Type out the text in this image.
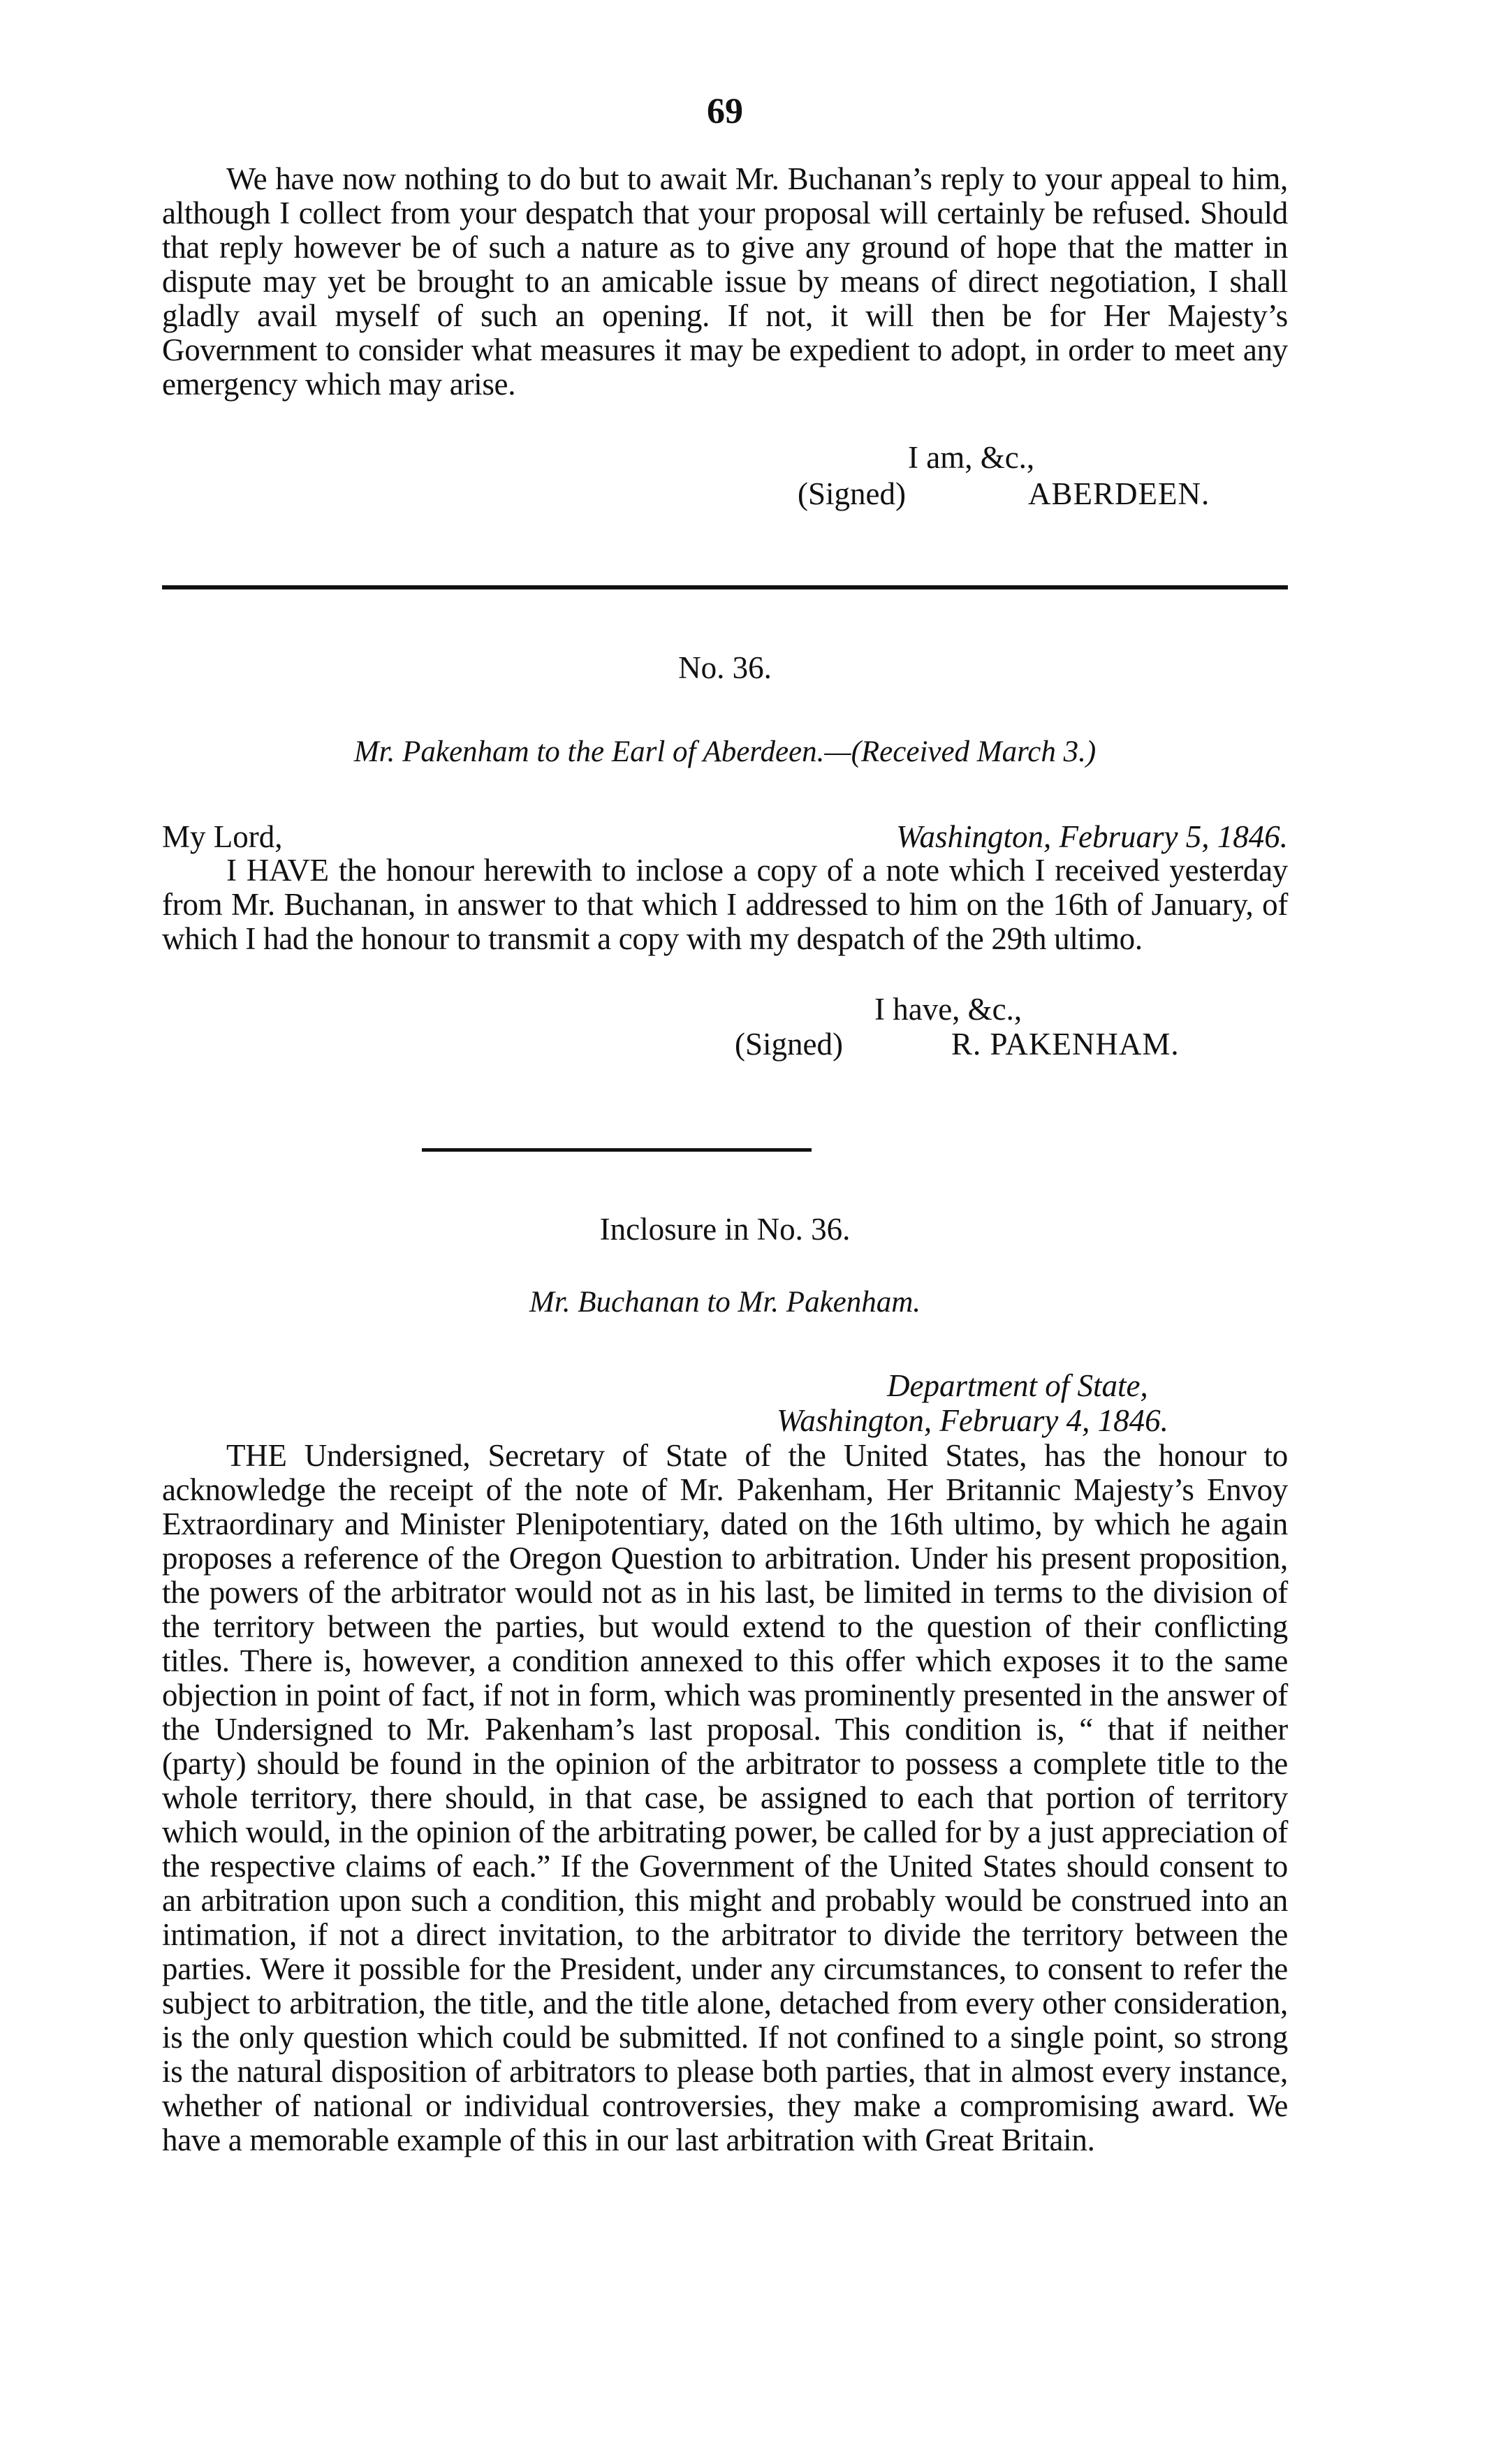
69

We have now nothing to do but to await Mr. Buchanan’s reply to your appeal to him, although I collect from your despatch that your proposal will certainly be refused. Should that reply however be of such a nature as to give any ground of hope that the matter in dispute may yet be brought to an amicable issue by means of direct negotiation, I shall gladly avail myself of such an opening. If not, it will then be for Her Majesty’s Government to consider what measures it may be expedient to adopt, in order to meet any emergency which may arise.

I am, &c.,
(Signed)	ABERDEEN.
No. 36.
Mr. Pakenham to the Earl of Aberdeen.—(Received March 3.)
My Lord,	Washington, February 5, 1846.

I HAVE the honour herewith to inclose a copy of a note which I received yesterday from Mr. Buchanan, in answer to that which I addressed to him on the 16th of January, of which I had the honour to transmit a copy with my despatch of the 29th ultimo.

I have, &c.,
(Signed)	R. PAKENHAM.
Inclosure in No. 36.
Mr. Buchanan to Mr. Pakenham.
Department of State,
Washington, February 4, 1846.

THE Undersigned, Secretary of State of the United States, has the honour to acknowledge the receipt of the note of Mr. Pakenham, Her Britannic Majesty’s Envoy Extraordinary and Minister Plenipotentiary, dated on the 16th ultimo, by which he again proposes a reference of the Oregon Question to arbitration. Under his present proposition, the powers of the arbitrator would not as in his last, be limited in terms to the division of the territory between the parties, but would extend to the question of their conflicting titles. There is, however, a condition annexed to this offer which exposes it to the same objection in point of fact, if not in form, which was prominently presented in the answer of the Undersigned to Mr. Pakenham’s last proposal. This condition is, “ that if neither (party) should be found in the opinion of the arbitrator to possess a complete title to the whole territory, there should, in that case, be assigned to each that portion of territory which would, in the opinion of the arbitrating power, be called for by a just appreciation of the respective claims of each.” If the Government of the United States should consent to an arbitration upon such a condition, this might and probably would be construed into an intimation, if not a direct invitation, to the arbitrator to divide the territory between the parties. Were it possible for the President, under any circumstances, to consent to refer the subject to arbitration, the title, and the title alone, detached from every other consideration, is the only question which could be submitted. If not confined to a single point, so strong is the natural disposition of arbitrators to please both parties, that in almost every instance, whether of national or individual controversies, they make a compromising award. We have a memorable example of this in our last arbitration with Great Britain.
